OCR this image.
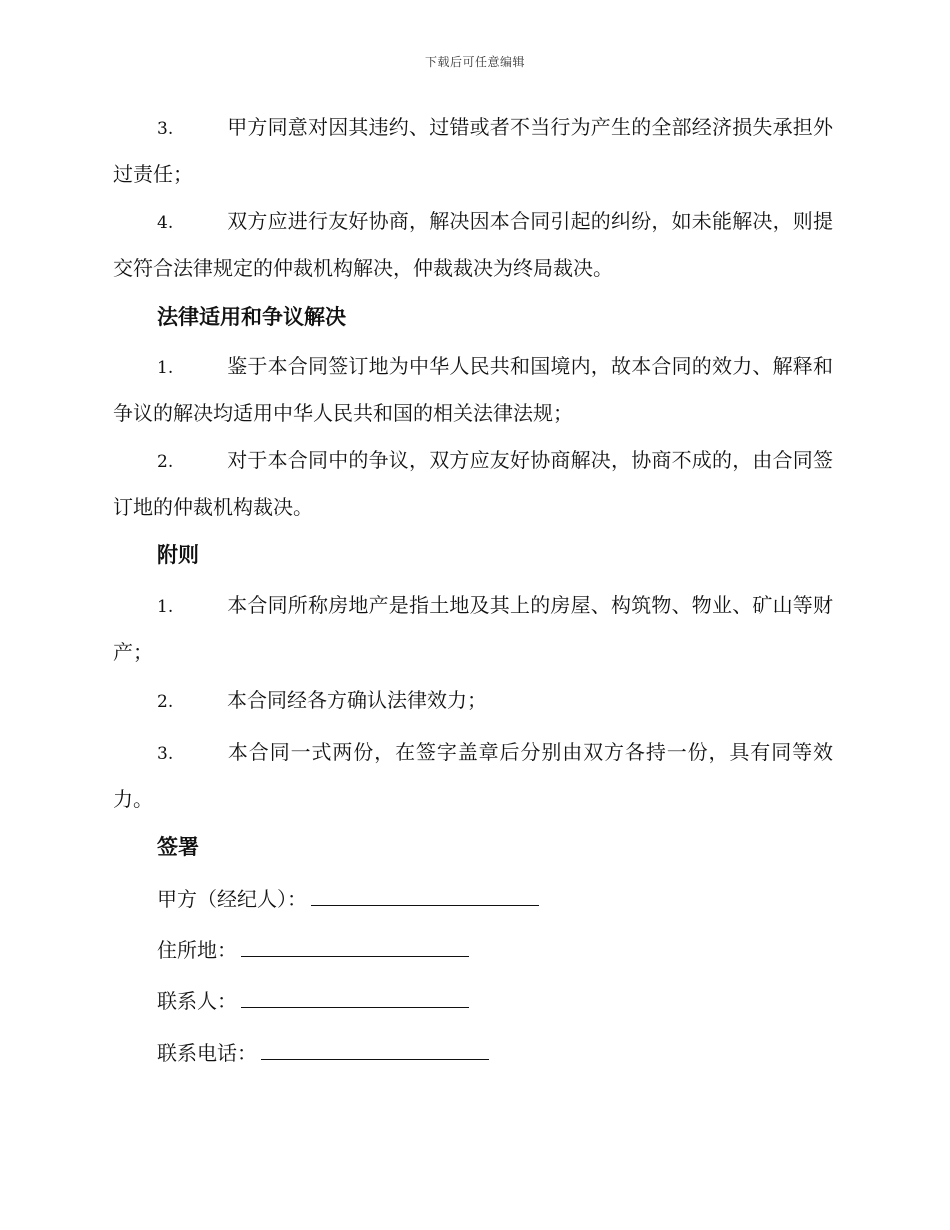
下载后可任意编辑
3.	甲方同意对因其违约、过错或者不当行为产生的全部经济损失承担外过责任；
4.	双方应进行友好协商，解决因本合同引起的纠纷，如未能解决，则提交符合法律规定的仲裁机构解决，仲裁裁决为终局裁决。
法律适用和争议解决
1.	鉴于本合同签订地为中华人民共和国境内，故本合同的效力、解释和争议的解决均适用中华人民共和国的相关法律法规；
2.	对于本合同中的争议，双方应友好协商解决，协商不成的，由合同签订地的仲裁机构裁决。
附则
1.	本合同所称房地产是指土地及其上的房屋、构筑物、物业、矿山等财产；
2.	本合同经各方确认法律效力；
3.	本合同一式两份，在签字盖章后分别由双方各持一份，具有同等效力。
签署
甲方（经纪人）：
住所地：
联系人：
联系电话：
